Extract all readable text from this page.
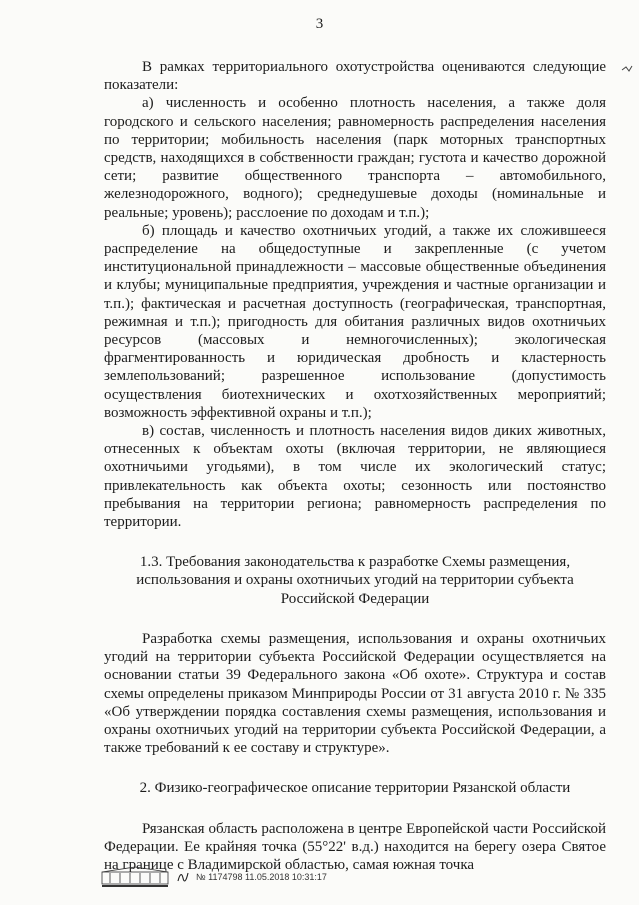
3

В рамках территориального охотустройства оцениваются следующие показатели:

а) численность и особенно плотность населения, а также доля городского и сельского населения; равномерность распределения населения по территории; мобильность населения (парк моторных транспортных средств, находящихся в собственности граждан; густота и качество дорожной сети; развитие общественного транспорта – автомобильного, железнодорожного, водного); среднедушевые доходы (номинальные и реальные; уровень); расслоение по доходам и т.п.);

б) площадь и качество охотничьих угодий, а также их сложившееся распределение на общедоступные и закрепленные (с учетом институциональной принадлежности – массовые общественные объединения и клубы; муниципальные предприятия, учреждения и частные организации и т.п.); фактическая и расчетная доступность (географическая, транспортная, режимная и т.п.); пригодность для обитания различных видов охотничьих ресурсов (массовых и немногочисленных); экологическая фрагментированность и юридическая дробность и кластерность землепользований; разрешенное использование (допустимость осуществления биотехнических и охотхозяйственных мероприятий; возможность эффективной охраны и т.п.);

в) состав, численность и плотность населения видов диких животных, отнесенных к объектам охоты (включая территории, не являющиеся охотничьими угодьями), в том числе их экологический статус; привлекательность как объекта охоты; сезонность или постоянство пребывания на территории региона; равномерность распределения по территории.

1.3. Требования законодательства к разработке Схемы размещения, использования и охраны охотничьих угодий на территории субъекта Российской Федерации

Разработка схемы размещения, использования и охраны охотничьих угодий на территории субъекта Российской Федерации осуществляется на основании статьи 39 Федерального закона «Об охоте». Структура и состав схемы определены приказом Минприроды России от 31 августа 2010 г. № 335 «Об утверждении порядка составления схемы размещения, использования и охраны охотничьих угодий на территории субъекта Российской Федерации, а также требований к ее составу и структуре».

2. Физико-географическое описание территории Рязанской области

Рязанская область расположена в центре Европейской части Российской Федерации. Ее крайняя точка (55°22' в.д.) находится на берегу озера Святое на границе с Владимирской областью, самая южная точка

№ 1174798 11.05.2018 10:31:17
